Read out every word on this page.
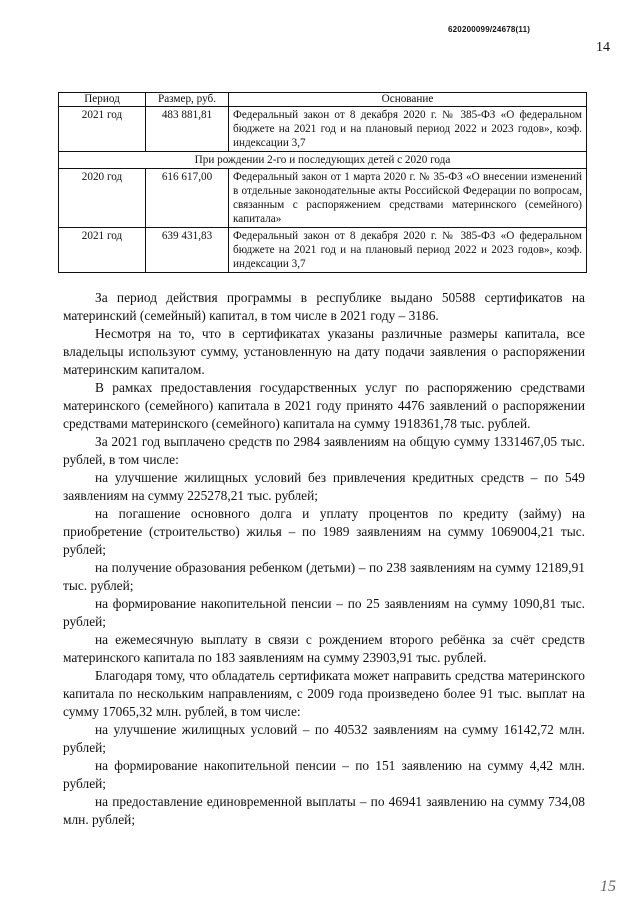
620200099/24678(11)
14
Период	Размер, руб.	Основание
2021 год	483 881,81	Федеральный закон от 8 декабря 2020 г. № 385-ФЗ «О федеральном бюджете на 2021 год и на плановый период 2022 и 2023 годов», коэф. индексации 3,7
При рождении 2-го и последующих детей с 2020 года		
2020 год	616 617,00	Федеральный закон от 1 марта 2020 г. № 35-ФЗ «О внесении изменений в отдельные законодательные акты Российской Федерации по вопросам, связанным с распоряжением средствами материнского (семейного) капитала»
2021 год	639 431,83	Федеральный закон от 8 декабря 2020 г. № 385-ФЗ «О федеральном бюджете на 2021 год и на плановый период 2022 и 2023 годов», коэф. индексации 3,7

За период действия программы в республике выдано 50588 сертификатов на материнский (семейный) капитал, в том числе в 2021 году – 3186.

Несмотря на то, что в сертификатах указаны различные размеры капитала, все владельцы используют сумму, установленную на дату подачи заявления о распоряжении материнским капиталом.

В рамках предоставления государственных услуг по распоряжению средствами материнского (семейного) капитала в 2021 году принято 4476 заявлений о распоряжении средствами материнского (семейного) капитала на сумму 1918361,78 тыс. рублей.

За 2021 год выплачено средств по 2984 заявлениям на общую сумму 1331467,05 тыс. рублей, в том числе:

на улучшение жилищных условий без привлечения кредитных средств – по 549 заявлениям на сумму 225278,21 тыс. рублей;

на погашение основного долга и уплату процентов по кредиту (займу) на приобретение (строительство) жилья – по 1989 заявлениям на сумму 1069004,21 тыс. рублей;

на получение образования ребенком (детьми) – по 238 заявлениям на сумму 12189,91 тыс. рублей;

на формирование накопительной пенсии – по 25 заявлениям на сумму 1090,81 тыс. рублей;

на ежемесячную выплату в связи с рождением второго ребёнка за счёт средств материнского капитала по 183 заявлениям на сумму 23903,91 тыс. рублей.

Благодаря тому, что обладатель сертификата может направить средства материнского капитала по нескольким направлениям, с 2009 года произведено более 91 тыс. выплат на сумму 17065,32 млн. рублей, в том числе:

на улучшение жилищных условий – по 40532 заявлениям на сумму 16142,72 млн. рублей;

на формирование накопительной пенсии – по 151 заявлению на сумму 4,42 млн. рублей;

на предоставление единовременной выплаты – по 46941 заявлению на сумму 734,08 млн. рублей;

15
